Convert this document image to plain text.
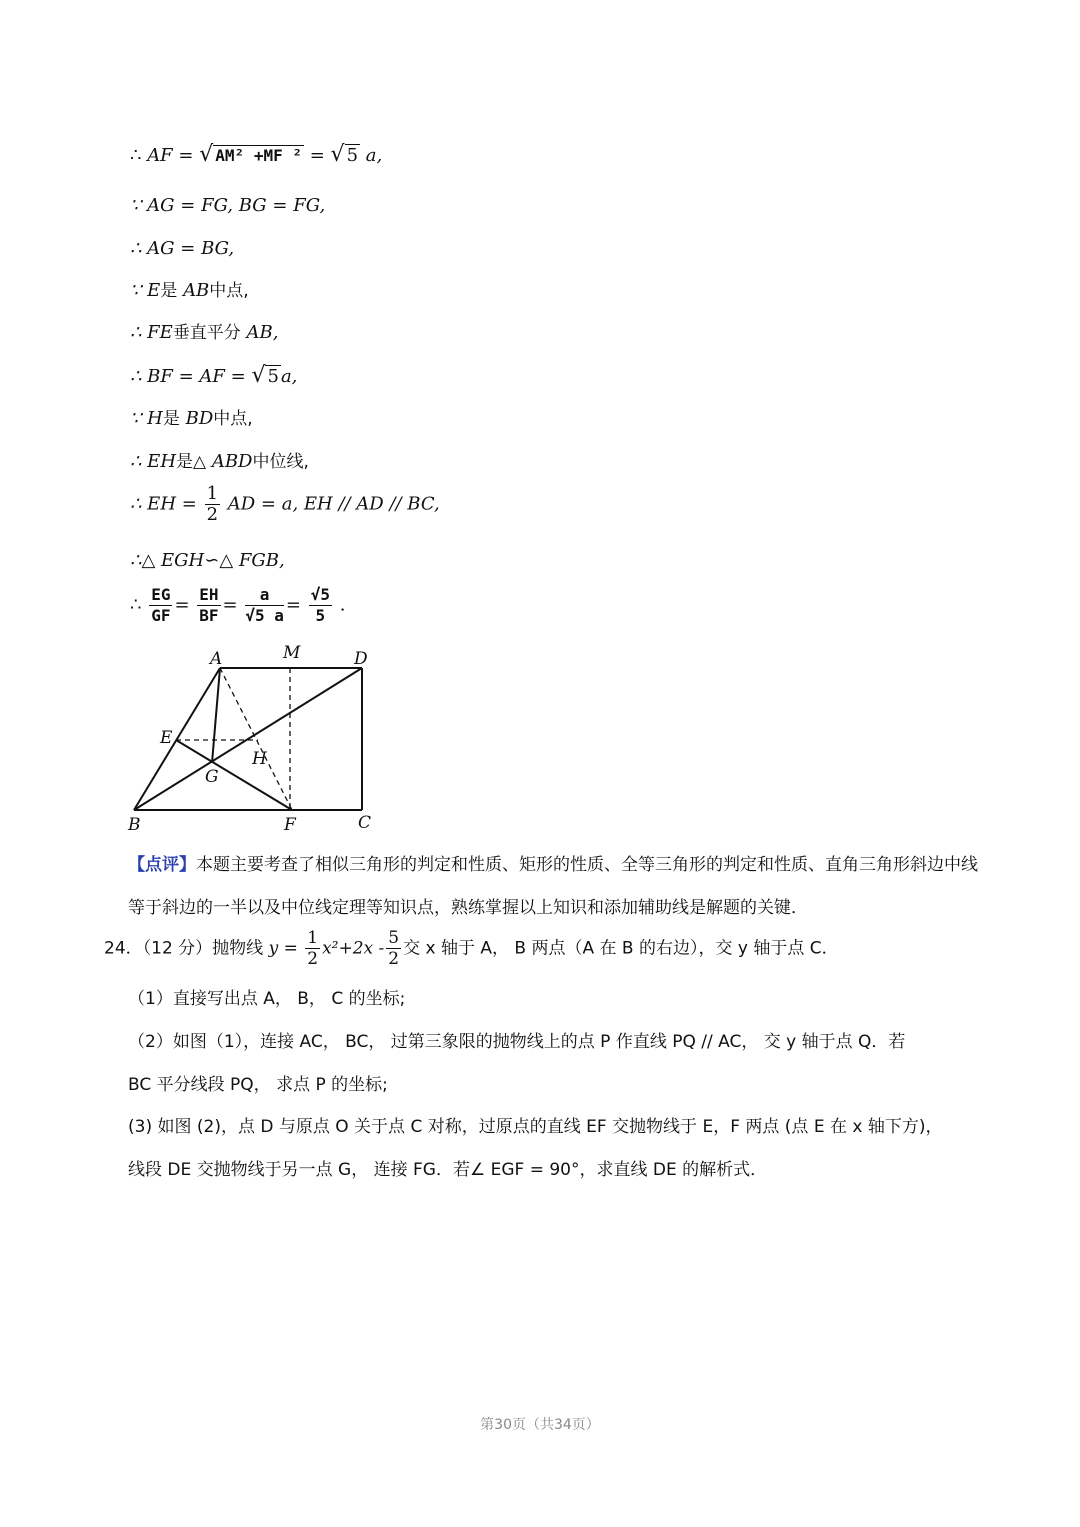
∴ AF = √ AM² +MF ² = √ 5 a,
∵ AG = FG, BG = FG,
∴ AG = BG,
∵ E是 AB中点,
∴ FE垂直平分 AB,
∴ BF = AF = √ 5 a,
∵ H是 BD中点,
∴ EH是△ ABD中位线,
∴ EH = $\frac{1}{2}$ AD = a, EH // AD // BC,
∴△ EGH∽△ FGB,
∴ $\frac{EG}{GF} = \frac{EH}{BF} = \frac{a}{√5 a} = \frac{√5}{5}$ .
A	M	D
E
H
G
B	F	C
【点评】本题主要考查了相似三角形的判定和性质、矩形的性质、全等三角形的判定和性质、直角三角形斜边中线等于斜边的一半以及中位线定理等知识点，熟练掌握以上知识和添加辅助线是解题的关键．
24．（12 分）抛物线 $y = \frac{1}{2} x^2+2x - \frac{5}{2}$ 交 x 轴于 A， B 两点（A 在 B 的右边），交 y 轴于点 C．
（1）直接写出点 A， B， C 的坐标;
（2）如图（1），连接 AC， BC， 过第三象限的抛物线上的点 P 作直线 PQ // AC， 交 y 轴于点 Q．若
BC 平分线段 PQ， 求点 P 的坐标;
(3) 如图 (2)，点 D 与原点 O 关于点 C 对称，过原点的直线 EF 交抛物线于 E，F 两点 (点 E 在 x 轴下方)，
线段 DE 交抛物线于另一点 G， 连接 FG．若∠ EGF = 90°，求直线 DE 的解析式．
第30页（共34页）
